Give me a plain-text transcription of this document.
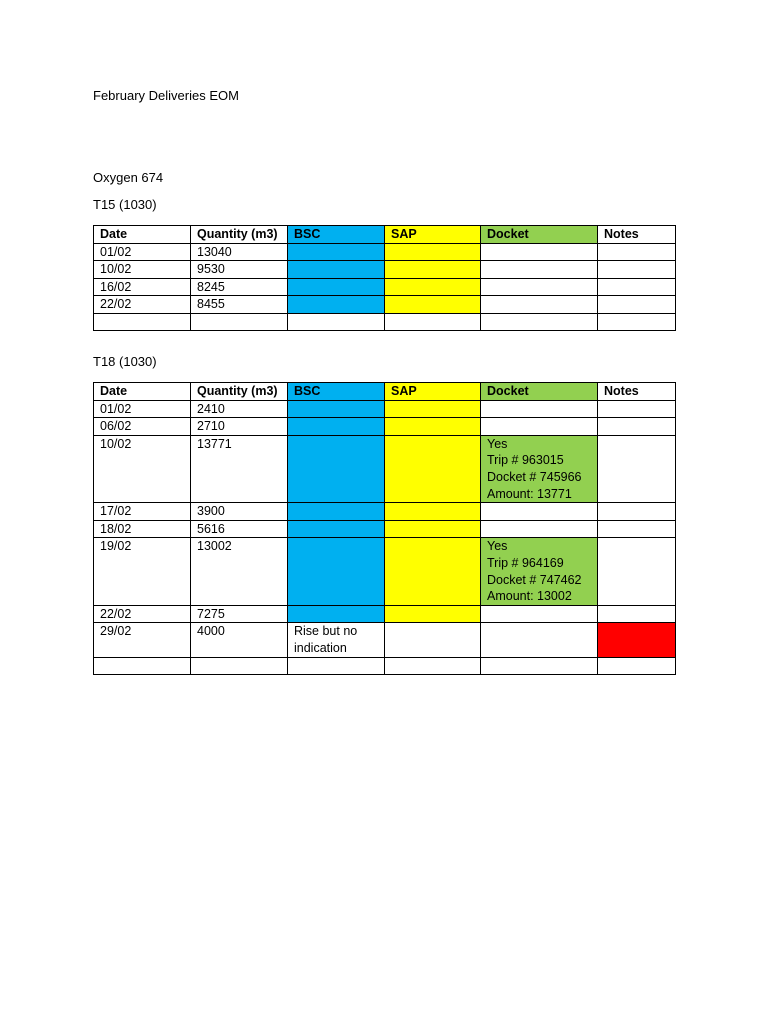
February Deliveries EOM
Oxygen 674
T15 (1030)
Date	Quantity (m3)	BSC	SAP	Docket	Notes
01/02	13040				
10/02	9530				
16/02	8245				
22/02	8455				

T18 (1030)
Date	Quantity (m3)	BSC	SAP	Docket	Notes
01/02	2410				
06/02	2710				
10/02	13771			Yes
Trip # 963015
Docket # 745966
Amount: 13771	
17/02	3900				
18/02	5616				
19/02	13002			Yes
Trip # 964169
Docket # 747462
Amount: 13002	
22/02	7275				
29/02	4000	Rise but no
indication			
